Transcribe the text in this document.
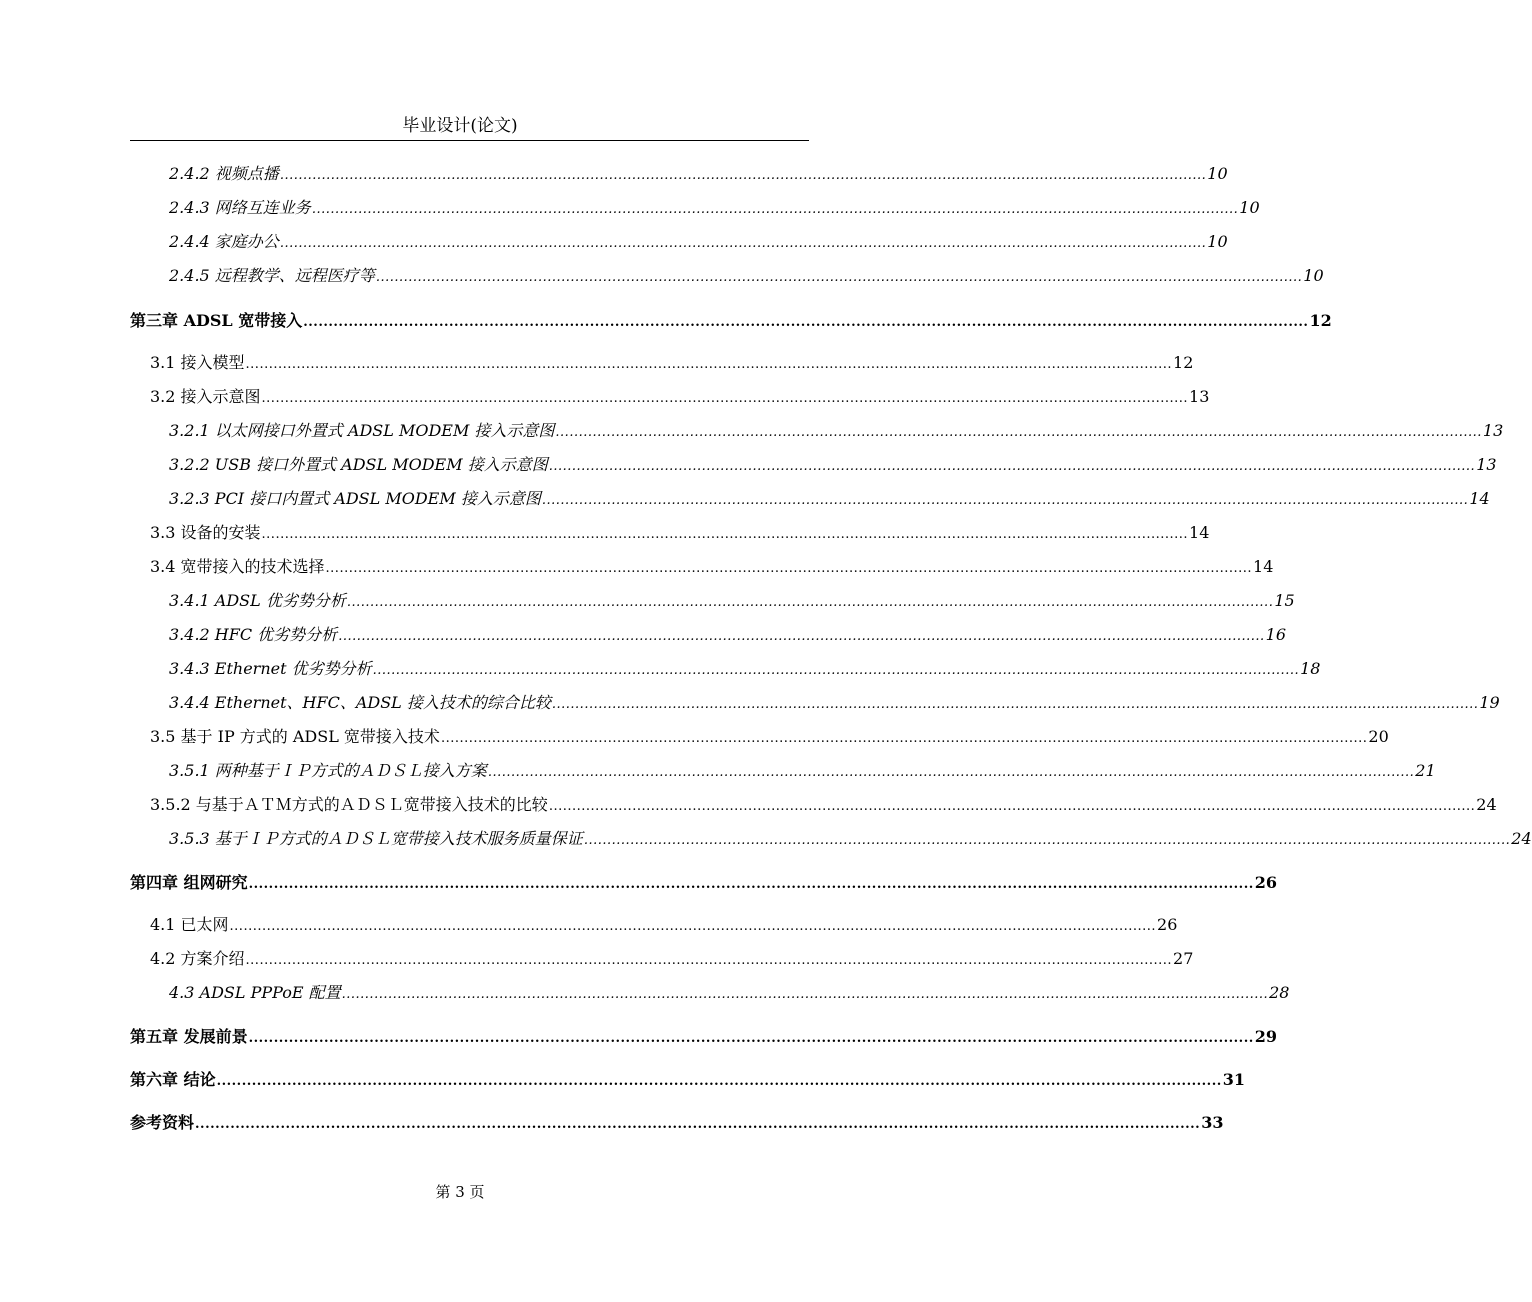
毕业设计(论文)
2.4.2 视频点播 ........................................................................................................................................................................................................ 10
2.4.3 网络互连业务 ........................................................................................................................................................................................................ 10
2.4.4 家庭办公 ........................................................................................................................................................................................................ 10
2.4.5 远程教学、远程医疗等 ........................................................................................................................................................................................................ 10
第三章 ADSL 宽带接入 ........................................................................................................................................................................................................ 12
3.1 接入模型 ........................................................................................................................................................................................................ 12
3.2 接入示意图 ........................................................................................................................................................................................................ 13
3.2.1 以太网接口外置式 ADSL MODEM 接入示意图 ........................................................................................................................................................................................................ 13
3.2.2 USB 接口外置式 ADSL MODEM 接入示意图 ........................................................................................................................................................................................................ 13
3.2.3 PCI 接口内置式 ADSL MODEM 接入示意图 ........................................................................................................................................................................................................ 14
3.3 设备的安装 ........................................................................................................................................................................................................ 14
3.4 宽带接入的技术选择 ........................................................................................................................................................................................................ 14
3.4.1 ADSL 优劣势分析 ........................................................................................................................................................................................................ 15
3.4.2 HFC 优劣势分析 ........................................................................................................................................................................................................ 16
3.4.3 Ethernet 优劣势分析 ........................................................................................................................................................................................................ 18
3.4.4 Ethernet、HFC、ADSL 接入技术的综合比较 ........................................................................................................................................................................................................ 19
3.5 基于 IP 方式的 ADSL 宽带接入技术 ........................................................................................................................................................................................................ 20
3.5.1 两种基于ＩＰ方式的ＡＤＳＬ接入方案 ........................................................................................................................................................................................................ 21
3.5.2 与基于ＡＴＭ方式的ＡＤＳＬ宽带接入技术的比较 ........................................................................................................................................................................................................ 24
3.5.3 基于ＩＰ方式的ＡＤＳＬ宽带接入技术服务质量保证 ........................................................................................................................................................................................................ 24
第四章 组网研究 ........................................................................................................................................................................................................ 26
4.1 已太网 ........................................................................................................................................................................................................ 26
4.2 方案介绍 ........................................................................................................................................................................................................ 27
4.3 ADSL PPPoE 配置 ........................................................................................................................................................................................................ 28
第五章 发展前景 ........................................................................................................................................................................................................ 29
第六章 结论 ........................................................................................................................................................................................................ 31
参考资料 ........................................................................................................................................................................................................ 33
第 3 页
